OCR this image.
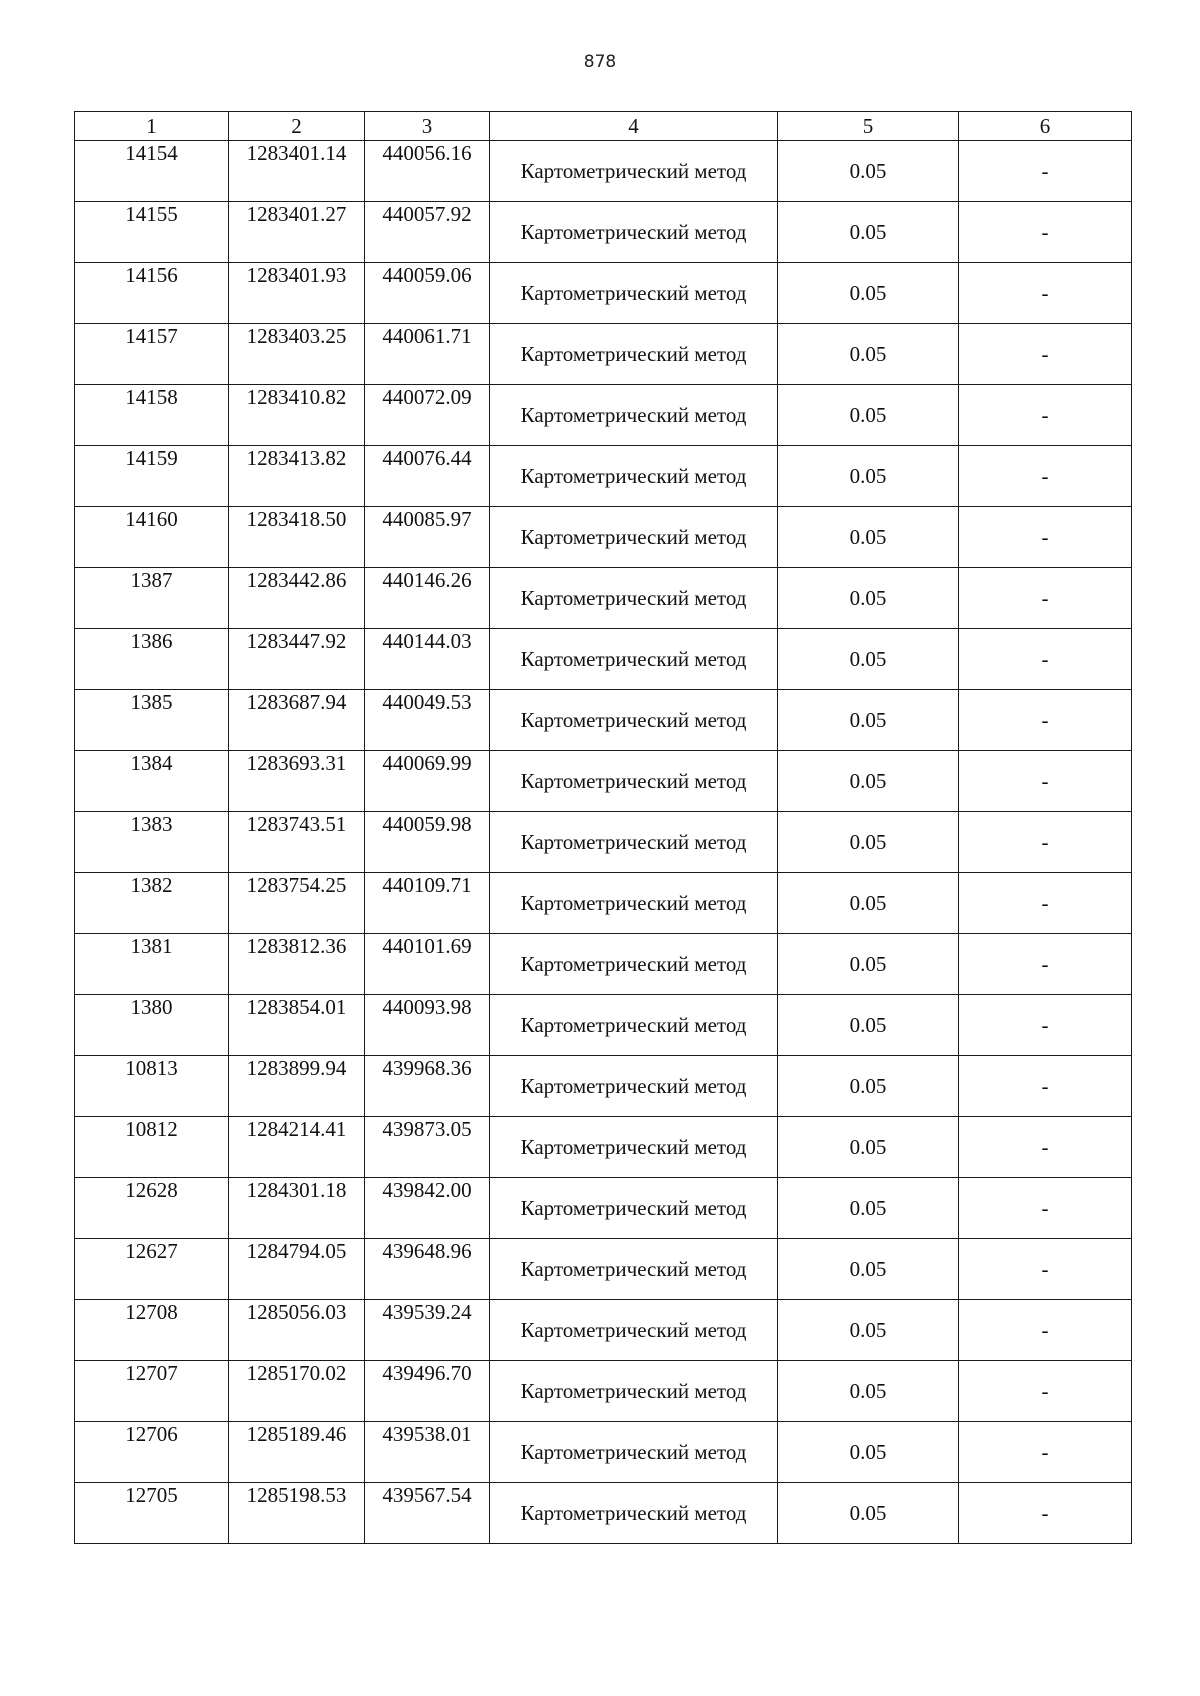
878
1	2	3	4	5	6
14154	1283401.14	440056.16	Картометрический метод	0.05	-
14155	1283401.27	440057.92	Картометрический метод	0.05	-
14156	1283401.93	440059.06	Картометрический метод	0.05	-
14157	1283403.25	440061.71	Картометрический метод	0.05	-
14158	1283410.82	440072.09	Картометрический метод	0.05	-
14159	1283413.82	440076.44	Картометрический метод	0.05	-
14160	1283418.50	440085.97	Картометрический метод	0.05	-
1387	1283442.86	440146.26	Картометрический метод	0.05	-
1386	1283447.92	440144.03	Картометрический метод	0.05	-
1385	1283687.94	440049.53	Картометрический метод	0.05	-
1384	1283693.31	440069.99	Картометрический метод	0.05	-
1383	1283743.51	440059.98	Картометрический метод	0.05	-
1382	1283754.25	440109.71	Картометрический метод	0.05	-
1381	1283812.36	440101.69	Картометрический метод	0.05	-
1380	1283854.01	440093.98	Картометрический метод	0.05	-
10813	1283899.94	439968.36	Картометрический метод	0.05	-
10812	1284214.41	439873.05	Картометрический метод	0.05	-
12628	1284301.18	439842.00	Картометрический метод	0.05	-
12627	1284794.05	439648.96	Картометрический метод	0.05	-
12708	1285056.03	439539.24	Картометрический метод	0.05	-
12707	1285170.02	439496.70	Картометрический метод	0.05	-
12706	1285189.46	439538.01	Картометрический метод	0.05	-
12705	1285198.53	439567.54	Картометрический метод	0.05	-
